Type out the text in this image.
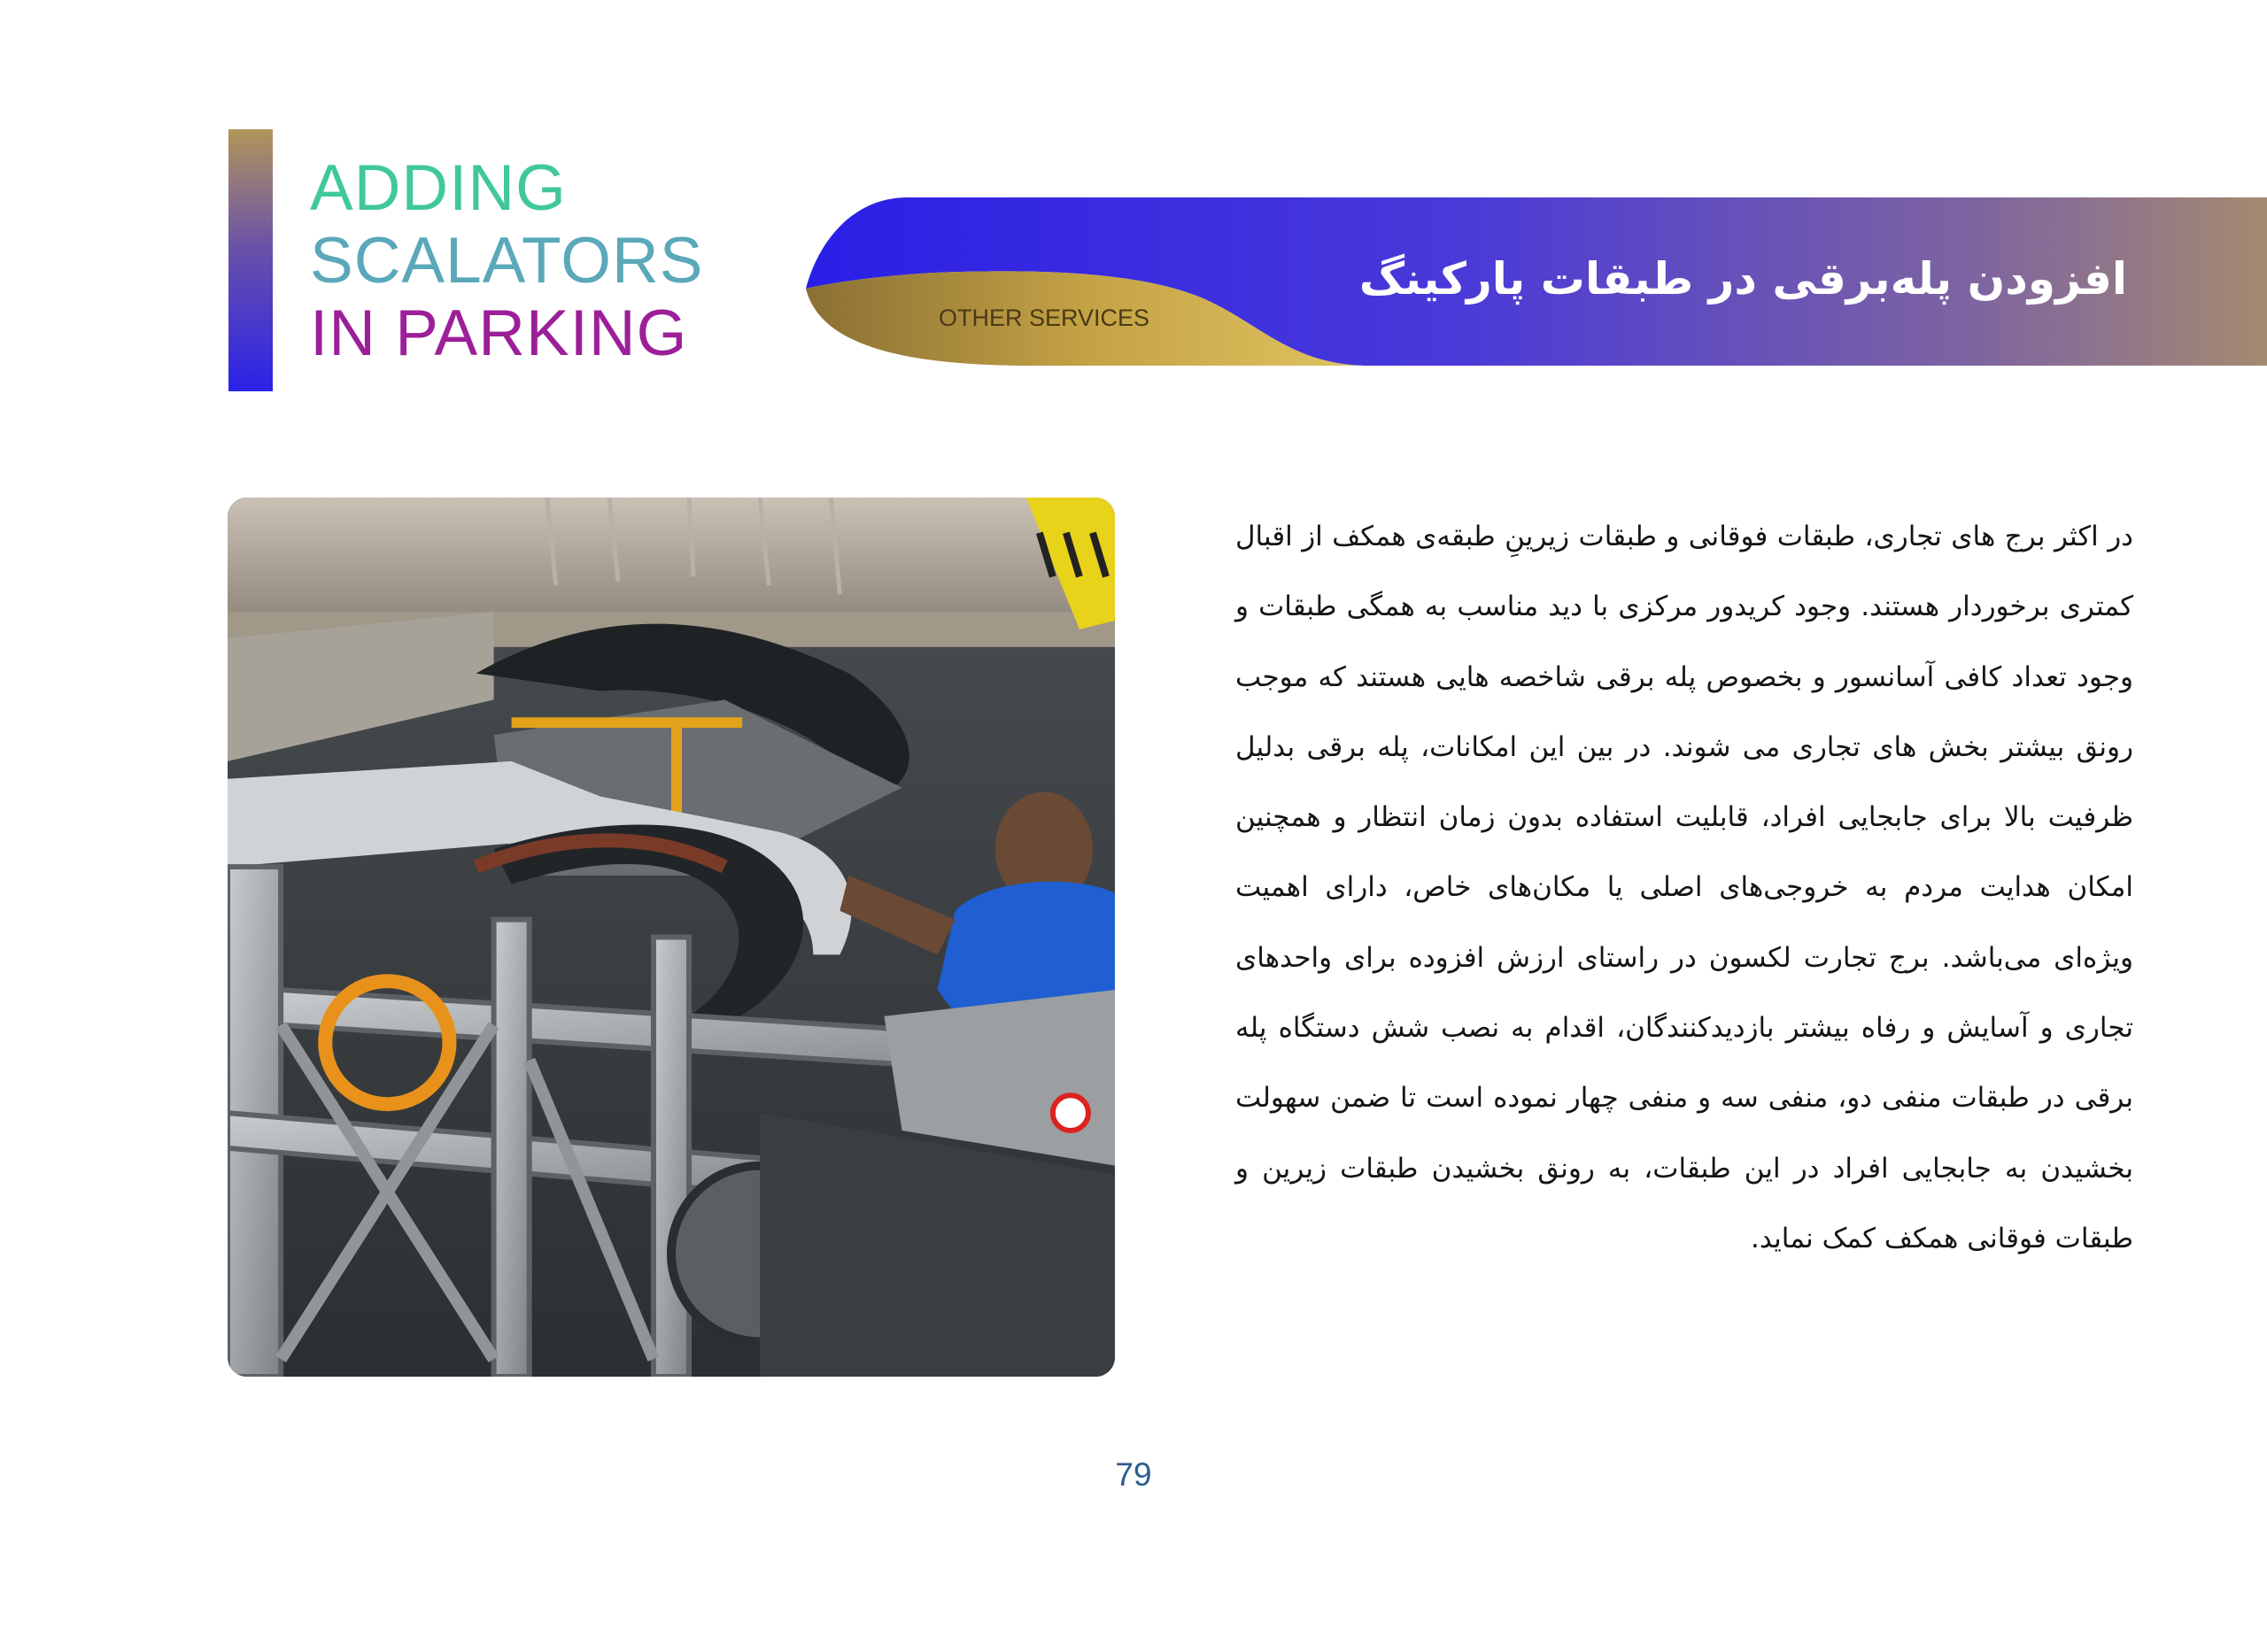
ADDING
SCALATORS
IN PARKING
افزودن پله‌برقی در طبقات پارکینگ
OTHER SERVICES

در اکثر برج های تجاری، طبقات فوقانی و طبقات زیرینِ طبقه‌ی همکف از اقبال کمتری برخوردار هستند. وجود کریدور مرکزی با دید مناسب به همگی طبقات و وجود تعداد کافی آسانسور و بخصوص پله برقی شاخصه هایی هستند که موجب رونق بیشتر بخش های تجاری می شوند. در بین این امکانات، پله برقی بدلیل ظرفیت بالا برای جابجایی افراد، قابلیت استفاده بدون زمان انتظار و همچنین امکان هدایت مردم به خروجی‌های اصلی یا مکان‌های خاص، دارای اهمیت ویژه‌ای می‌باشد. برج تجارت لکسون در راستای ارزش افزوده برای واحدهای تجاری و آسایش و رفاه بیشتر بازدیدکنندگان، اقدام به نصب شش دستگاه پله برقی در طبقات منفی دو، منفی سه و منفی چهار نموده است تا ضمن سهولت بخشیدن به جابجایی افراد در این طبقات، به رونق بخشیدن طبقات زیرین و طبقات فوقانی همکف کمک نماید.

79
